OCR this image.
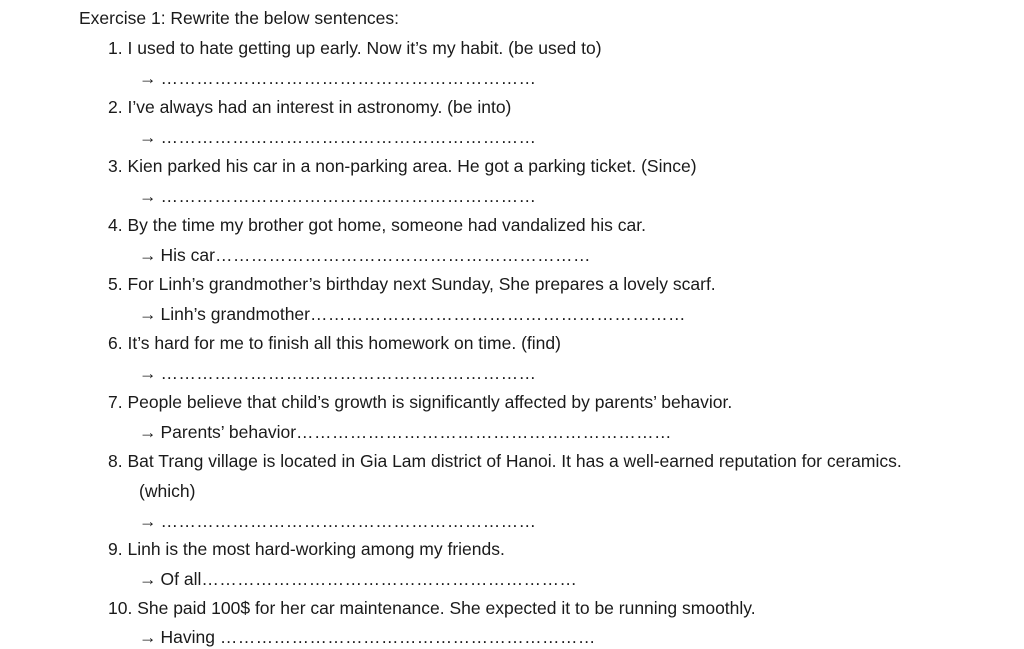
Exercise 1: Rewrite the below sentences:
1. I used to hate getting up early. Now it’s my habit. (be used to)
→ ………………………………………………………
2. I’ve always had an interest in astronomy. (be into)
→ ………………………………………………………
3. Kien parked his car in a non-parking area. He got a parking ticket. (Since)
→ ………………………………………………………
4. By the time my brother got home, someone had vandalized his car.
→ His car………………………………………………………
5. For Linh’s grandmother’s birthday next Sunday, She prepares a lovely scarf.
→ Linh’s grandmother………………………………………………………
6. It’s hard for me to finish all this homework on time. (find)
→ ………………………………………………………
7. People believe that child’s growth is significantly affected by parents’ behavior.
→ Parents’ behavior………………………………………………………
8. Bat Trang village is located in Gia Lam district of Hanoi. It has a well-earned reputation for ceramics.
(which)
→ ………………………………………………………
9. Linh is the most hard-working among my friends.
→ Of all………………………………………………………
10. She paid 100$ for her car maintenance. She expected it to be running smoothly.
→ Having ………………………………………………………
